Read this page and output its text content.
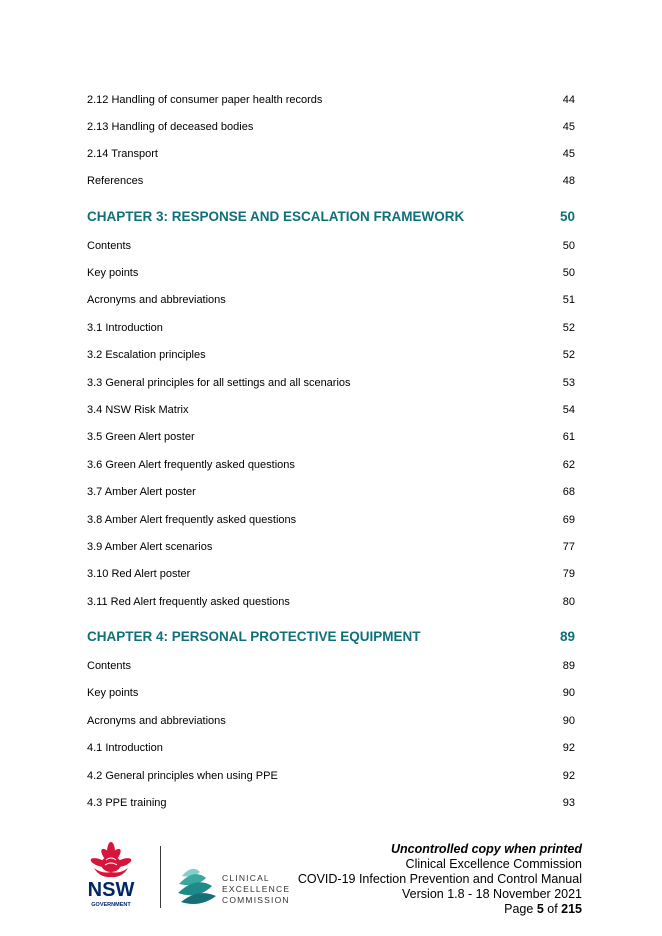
2.12 Handling of consumer paper health records	44
2.13 Handling of deceased bodies	45
2.14 Transport	45
References	48
CHAPTER 3: RESPONSE AND ESCALATION FRAMEWORK	50
Contents	50
Key points	50
Acronyms and abbreviations	51
3.1 Introduction	52
3.2 Escalation principles	52
3.3 General principles for all settings and all scenarios	53
3.4 NSW Risk Matrix	54
3.5 Green Alert poster	61
3.6 Green Alert frequently asked questions	62
3.7 Amber Alert poster	68
3.8 Amber Alert frequently asked questions	69
3.9 Amber Alert scenarios	77
3.10 Red Alert poster	79
3.11 Red Alert frequently asked questions	80
CHAPTER 4: PERSONAL PROTECTIVE EQUIPMENT	89
Contents	89
Key points	90
Acronyms and abbreviations	90
4.1 Introduction	92
4.2 General principles when using PPE	92
4.3 PPE training	93
NSW
GOVERNMENT
CLINICAL
EXCELLENCE
COMMISSION
Uncontrolled copy when printed
Clinical Excellence Commission
COVID-19 Infection Prevention and Control Manual
Version 1.8 - 18 November 2021
Page 5 of 215
